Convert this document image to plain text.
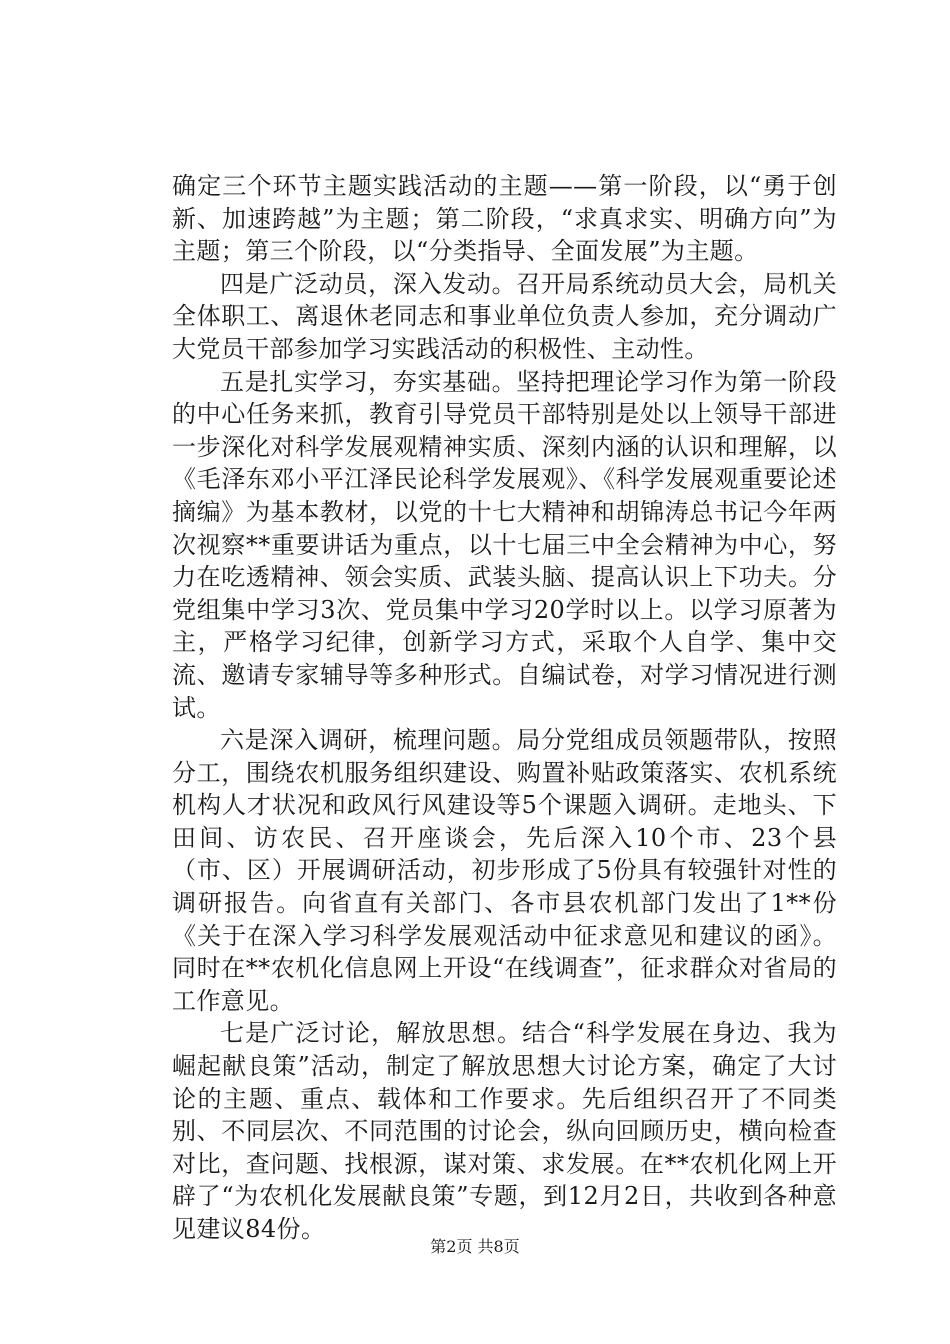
确定三个环节主题实践活动的主题——第一阶段，以“勇于创新、加速跨越”为主题；第二阶段，“求真求实、明确方向”为主题；第三个阶段，以“分类指导、全面发展”为主题。

四是广泛动员，深入发动。召开局系统动员大会，局机关全体职工、离退休老同志和事业单位负责人参加，充分调动广大党员干部参加学习实践活动的积极性、主动性。

五是扎实学习，夯实基础。坚持把理论学习作为第一阶段的中心任务来抓，教育引导党员干部特别是处以上领导干部进一步深化对科学发展观精神实质、深刻内涵的认识和理解，以《毛泽东邓小平江泽民论科学发展观》、《科学发展观重要论述摘编》为基本教材，以党的十七大精神和胡锦涛总书记今年两次视察**重要讲话为重点，以十七届三中全会精神为中心，努力在吃透精神、领会实质、武装头脑、提高认识上下功夫。分党组集中学习3次、党员集中学习20学时以上。以学习原著为主，严格学习纪律，创新学习方式，采取个人自学、集中交流、邀请专家辅导等多种形式。自编试卷，对学习情况进行测试。

六是深入调研，梳理问题。局分党组成员领题带队，按照分工，围绕农机服务组织建设、购置补贴政策落实、农机系统机构人才状况和政风行风建设等5个课题入调研。走地头、下田间、访农民、召开座谈会，先后深入10个市、23个县（市、区）开展调研活动，初步形成了5份具有较强针对性的调研报告。向省直有关部门、各市县农机部门发出了1**份《关于在深入学习科学发展观活动中征求意见和建议的函》。同时在**农机化信息网上开设“在线调查”，征求群众对省局的工作意见。

七是广泛讨论，解放思想。结合“科学发展在身边、我为崛起献良策”活动，制定了解放思想大讨论方案，确定了大讨论的主题、重点、载体和工作要求。先后组织召开了不同类别、不同层次、不同范围的讨论会，纵向回顾历史，横向检查对比，查问题、找根源，谋对策、求发展。在**农机化网上开辟了“为农机化发展献良策”专题，到12月2日，共收到各种意见建议84份。

第2页 共8页
